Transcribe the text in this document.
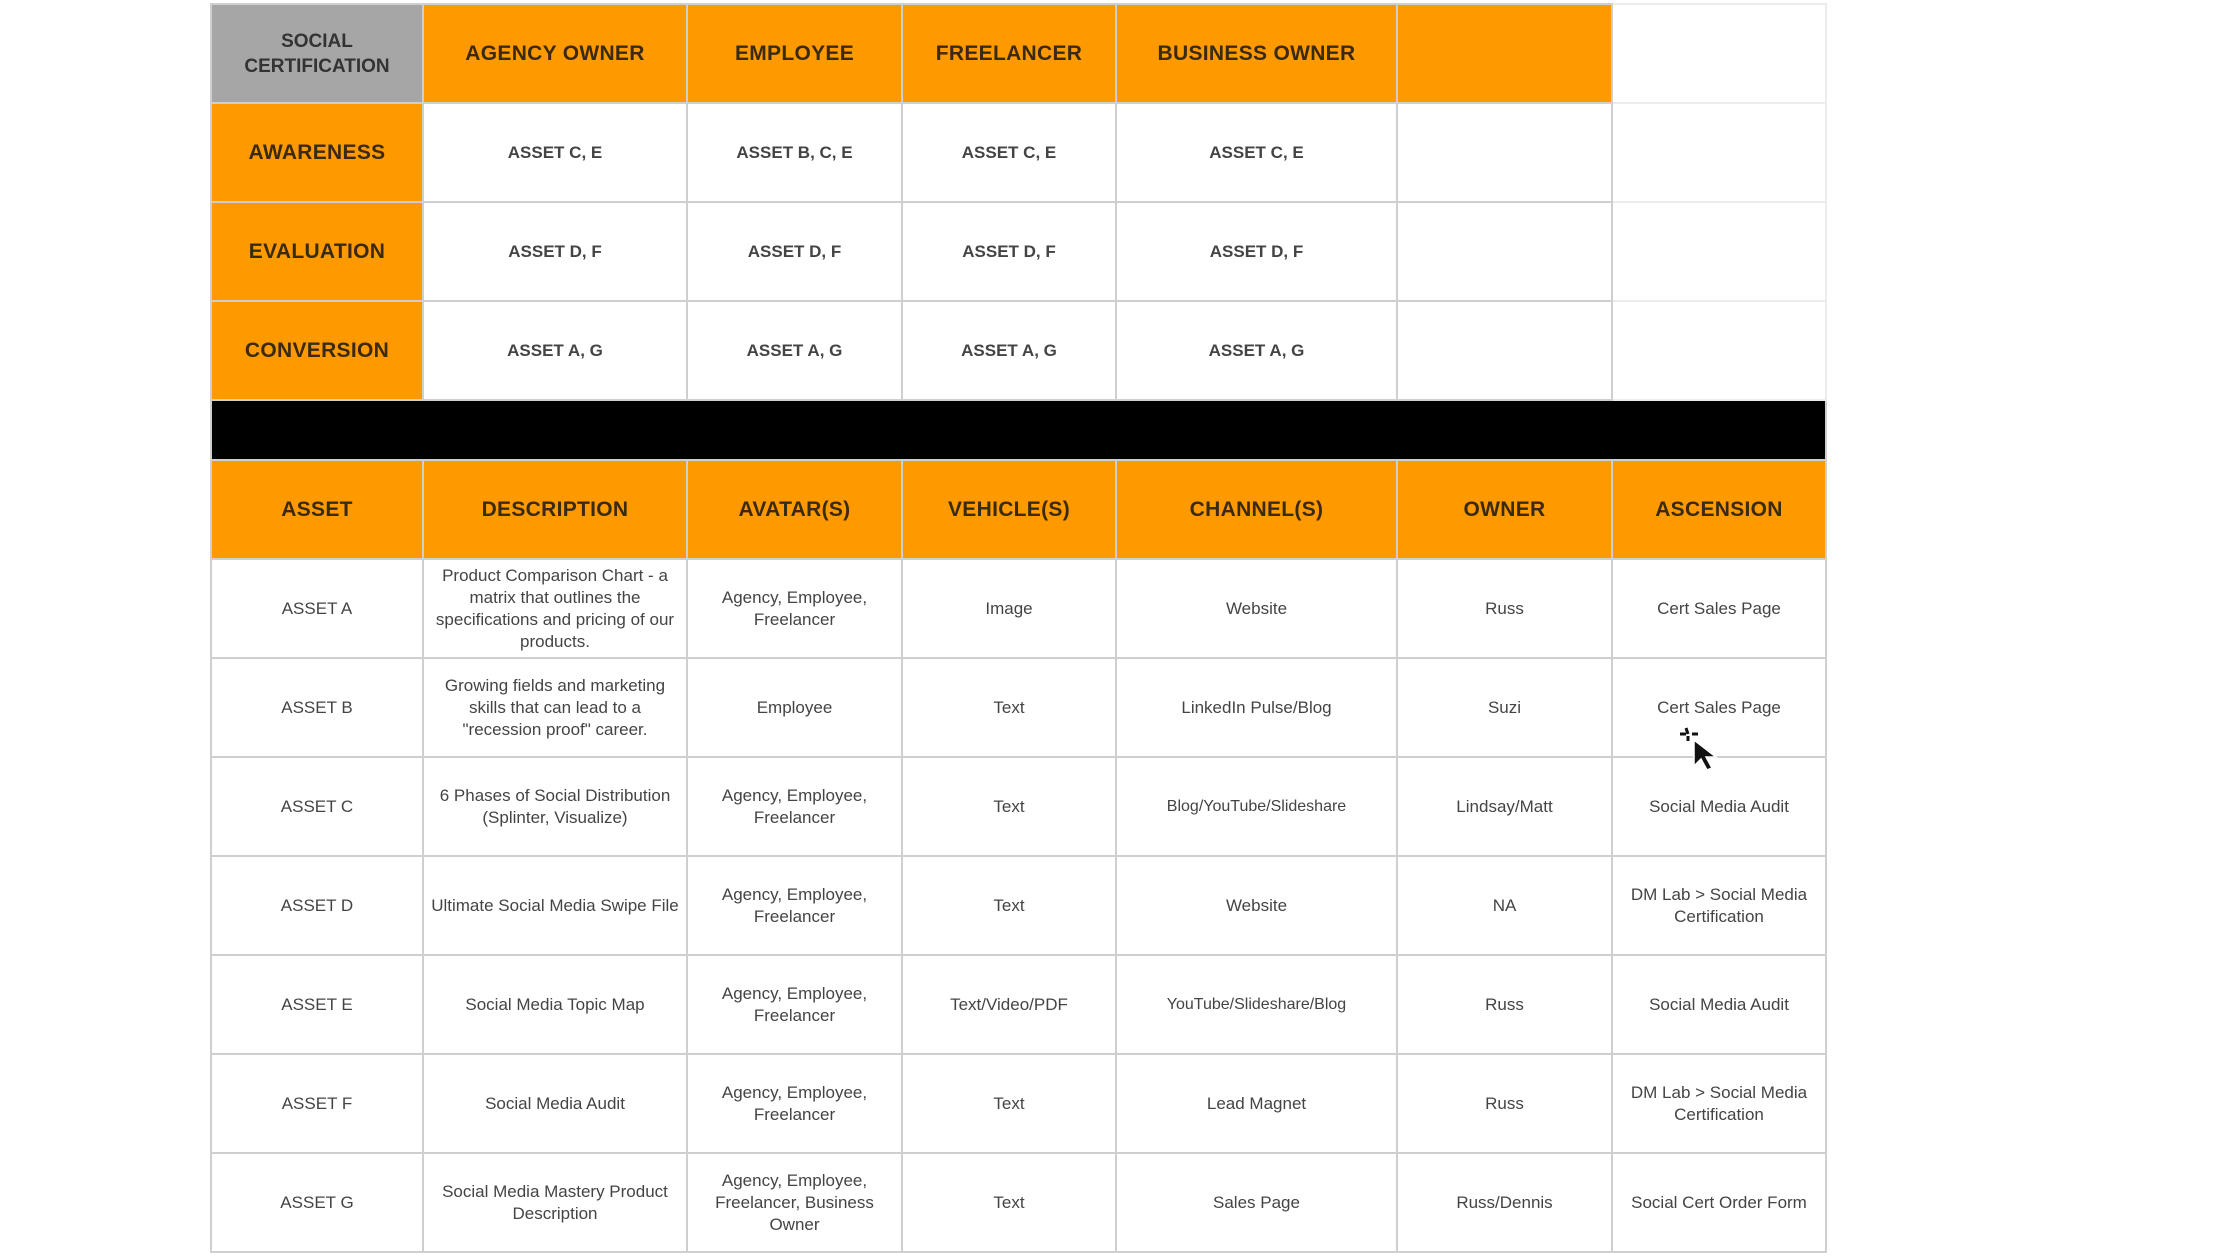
SOCIAL CERTIFICATION	AGENCY OWNER	EMPLOYEE	FREELANCER	BUSINESS OWNER		
AWARENESS	ASSET C, E	ASSET B, C, E	ASSET C, E	ASSET C, E		
EVALUATION	ASSET D, F	ASSET D, F	ASSET D, F	ASSET D, F		
CONVERSION	ASSET A, G	ASSET A, G	ASSET A, G	ASSET A, G		

ASSET	DESCRIPTION	AVATAR(S)	VEHICLE(S)	CHANNEL(S)	OWNER	ASCENSION
ASSET A	Product Comparison Chart - a matrix that outlines the specifications and pricing of our products.	Agency, Employee, Freelancer	Image	Website	Russ	Cert Sales Page
ASSET B	Growing fields and marketing skills that can lead to a "recession proof" career.	Employee	Text	LinkedIn Pulse/Blog	Suzi	Cert Sales Page
ASSET C	6 Phases of Social Distribution (Splinter, Visualize)	Agency, Employee, Freelancer	Text	Blog/YouTube/Slideshare	Lindsay/Matt	Social Media Audit
ASSET D	Ultimate Social Media Swipe File	Agency, Employee, Freelancer	Text	Website	NA	DM Lab > Social Media Certification
ASSET E	Social Media Topic Map	Agency, Employee, Freelancer	Text/Video/PDF	YouTube/Slideshare/Blog	Russ	Social Media Audit
ASSET F	Social Media Audit	Agency, Employee, Freelancer	Text	Lead Magnet	Russ	DM Lab > Social Media Certification
ASSET G	Social Media Mastery Product Description	Agency, Employee, Freelancer, Business Owner	Text	Sales Page	Russ/Dennis	Social Cert Order Form
